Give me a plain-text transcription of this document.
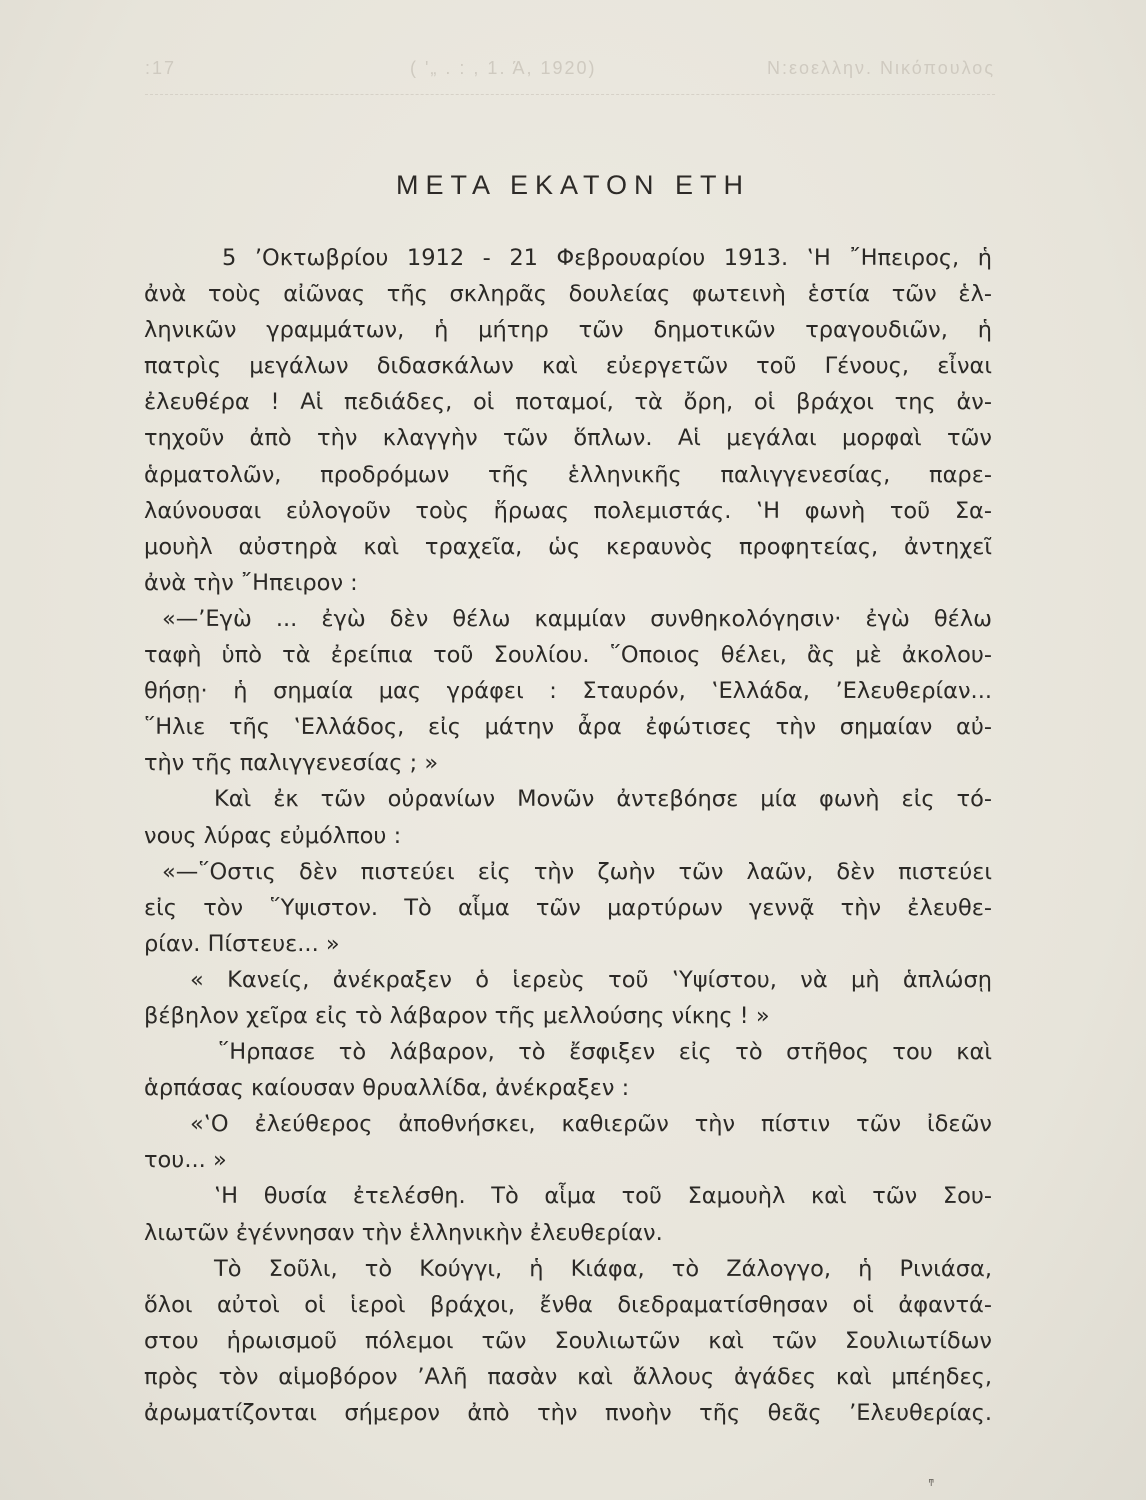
:17	( '„ . : , 1. Ά, 1920)	Ν:εοελλην. Νικόπουλος
ΜΕΤΑ ΕΚΑΤΟΝ ΕΤΗ
5 ’Οκτωβρίου 1912 - 21 Φεβρουαρίου 1913. ‛Η ῎Ηπειρος, ἡ
ἀνὰ τοὺς αἰῶνας τῆς σκληρᾶς δουλείας φωτεινὴ ἑστία τῶν ἑλ-
ληνικῶν γραμμάτων, ἡ μήτηρ τῶν δημοτικῶν τραγουδιῶν, ἡ
πατρὶς μεγάλων διδασκάλων καὶ εὐεργετῶν τοῦ Γένους, εἶναι
ἐλευθέρα ! Αἱ πεδιάδες, οἱ ποταμοί, τὰ ὄρη, οἱ βράχοι της ἀν-
τηχοῦν ἀπὸ τὴν κλαγγὴν τῶν ὅπλων. Αἱ μεγάλαι μορφαὶ τῶν
ἁρματολῶν, προδρόμων τῆς ἑλληνικῆς παλιγγενεσίας, παρε-
λαύνουσαι εὐλογοῦν τοὺς ἥρωας πολεμιστάς. ‛Η φωνὴ τοῦ Σα-
μουὴλ αὐστηρὰ καὶ τραχεῖα, ὡς κεραυνὸς προφητείας, ἀντηχεῖ
ἀνὰ τὴν ῎Ηπειρον :
«—’Εγὼ ... ἐγὼ δὲν θέλω καμμίαν συνθηκολόγησιν· ἐγὼ θέλω
ταφὴ ὑπὸ τὰ ἐρείπια τοῦ Σουλίου. ῞Οποιος θέλει, ἂς μὲ ἀκολου-
θήσῃ· ἡ σημαία μας γράφει : Σταυρόν, ‛Ελλάδα, ’Ελευθερίαν...
῞Ηλιε τῆς ‛Ελλάδος, εἰς μάτην ἆρα ἐφώτισες τὴν σημαίαν αὐ-
τὴν τῆς παλιγγενεσίας ; »
Καὶ ἐκ τῶν οὐρανίων Μονῶν ἀντεβόησε μία φωνὴ εἰς τό-
νους λύρας εὐμόλπου :
«—῞Οστις δὲν πιστεύει εἰς τὴν ζωὴν τῶν λαῶν, δὲν πιστεύει
εἰς τὸν ῞Υψιστον. Τὸ αἷμα τῶν μαρτύρων γεννᾷ τὴν ἐλευθε-
ρίαν. Πίστευε... »
« Κανείς, ἀνέκραξεν ὁ ἱερεὺς τοῦ ‛Υψίστου, νὰ μὴ ἁπλώσῃ
βέβηλον χεῖρα εἰς τὸ λάβαρον τῆς μελλούσης νίκης ! »
῞Ηρπασε τὸ λάβαρον, τὸ ἔσφιξεν εἰς τὸ στῆθος του καὶ
ἁρπάσας καίουσαν θρυαλλίδα, ἀνέκραξεν :
«‛Ο ἐλεύθερος ἀποθνήσκει, καθιερῶν τὴν πίστιν τῶν ἰδεῶν
του... »
‛Η θυσία ἐτελέσθη. Τὸ αἷμα τοῦ Σαμουὴλ καὶ τῶν Σου-
λιωτῶν ἐγέννησαν τὴν ἑλληνικὴν ἐλευθερίαν.
Τὸ Σοῦλι, τὸ Κούγγι, ἡ Κιάφα, τὸ Ζάλογγο, ἡ Ρινιάσα,
ὅλοι αὐτοὶ οἱ ἱεροὶ βράχοι, ἔνθα διεδραματίσθησαν οἱ ἀφαντά-
στου ἡρωισμοῦ πόλεμοι τῶν Σουλιωτῶν καὶ τῶν Σουλιωτίδων
πρὸς τὸν αἱμοβόρον ’Αλῆ πασὰν καὶ ἄλλους ἀγάδες καὶ μπέηδες,
ἀρωματίζονται σήμερον ἀπὸ τὴν πνοὴν τῆς θεᾶς ’Ελευθερίας.
ͳ
